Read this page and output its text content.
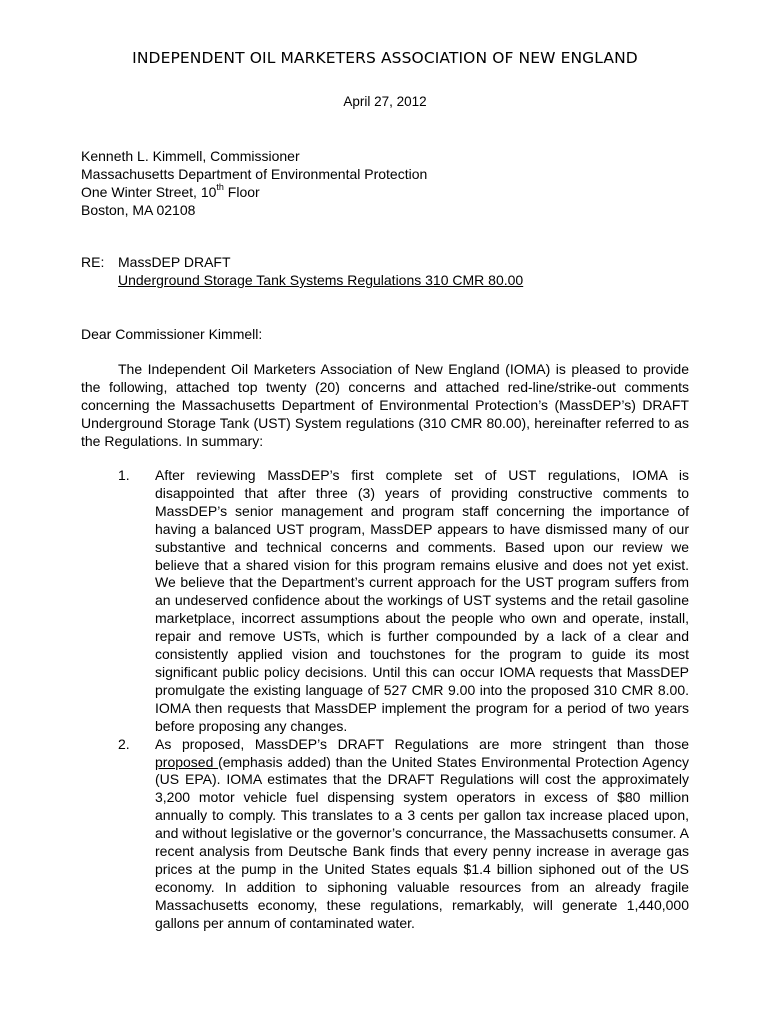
INDEPENDENT OIL MARKETERS ASSOCIATION OF NEW ENGLAND
April 27, 2012
Kenneth L. Kimmell, Commissioner
Massachusetts Department of Environmental Protection
One Winter Street, 10th Floor
Boston, MA 02108
RE: MassDEP DRAFT
Underground Storage Tank Systems Regulations 310 CMR 80.00
Dear Commissioner Kimmell:
The Independent Oil Marketers Association of New England (IOMA) is pleased to provide the following, attached top twenty (20) concerns and attached red-line/strike-out comments concerning the Massachusetts Department of Environmental Protection’s (MassDEP’s) DRAFT Underground Storage Tank (UST) System regulations (310 CMR 80.00), hereinafter referred to as the Regulations. In summary:
1.	After reviewing MassDEP’s first complete set of UST regulations, IOMA is disappointed that after three (3) years of providing constructive comments to MassDEP’s senior management and program staff concerning the importance of having a balanced UST program, MassDEP appears to have dismissed many of our substantive and technical concerns and comments. Based upon our review we believe that a shared vision for this program remains elusive and does not yet exist. We believe that the Department’s current approach for the UST program suffers from an undeserved confidence about the workings of UST systems and the retail gasoline marketplace, incorrect assumptions about the people who own and operate, install, repair and remove USTs, which is further compounded by a lack of a clear and consistently applied vision and touchstones for the program to guide its most significant public policy decisions. Until this can occur IOMA requests that MassDEP promulgate the existing language of 527 CMR 9.00 into the proposed 310 CMR 8.00. IOMA then requests that MassDEP implement the program for a period of two years before proposing any changes.
2.	As proposed, MassDEP’s DRAFT Regulations are more stringent than those proposed (emphasis added) than the United States Environmental Protection Agency (US EPA). IOMA estimates that the DRAFT Regulations will cost the approximately 3,200 motor vehicle fuel dispensing system operators in excess of $80 million annually to comply. This translates to a 3 cents per gallon tax increase placed upon, and without legislative or the governor’s concurrance, the Massachusetts consumer. A recent analysis from Deutsche Bank finds that every penny increase in average gas prices at the pump in the United States equals $1.4 billion siphoned out of the US economy. In addition to siphoning valuable resources from an already fragile Massachusetts economy, these regulations, remarkably, will generate 1,440,000 gallons per annum of contaminated water.
